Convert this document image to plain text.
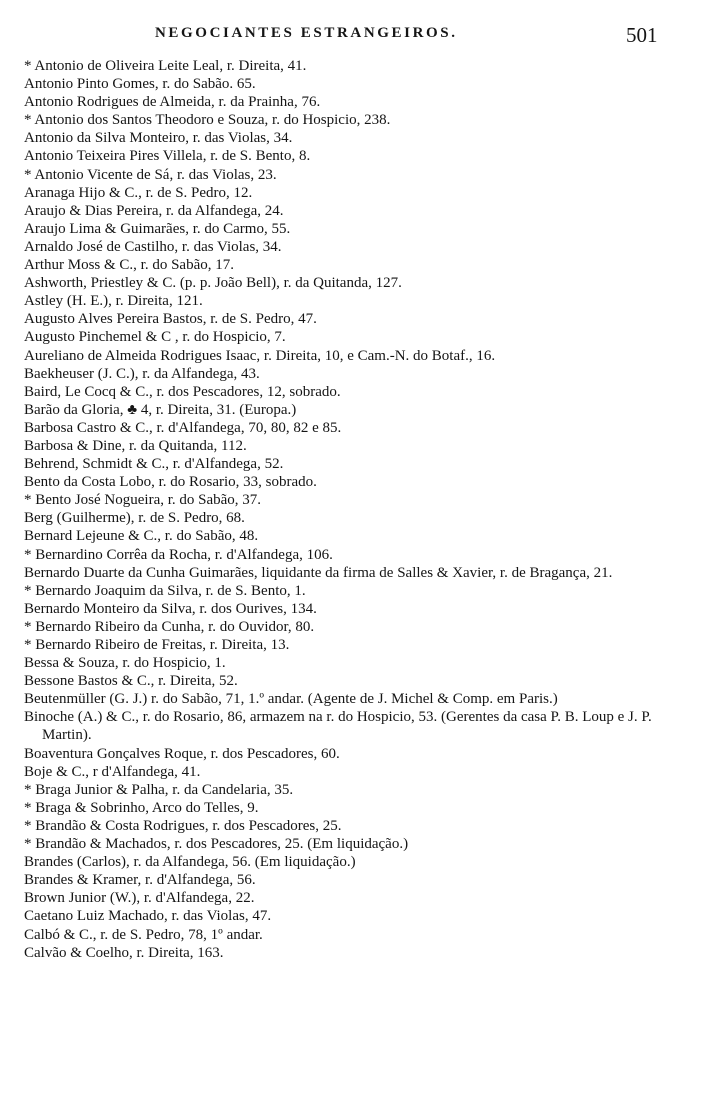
NEGOCIANTES ESTRANGEIROS.	501
* Antonio de Oliveira Leite Leal, r. Direita, 41.
Antonio Pinto Gomes, r. do Sabão. 65.
Antonio Rodrigues de Almeida, r. da Prainha, 76.
* Antonio dos Santos Theodoro e Souza, r. do Hospicio, 238.
Antonio da Silva Monteiro, r. das Violas, 34.
Antonio Teixeira Pires Villela, r. de S. Bento, 8.
* Antonio Vicente de Sá, r. das Violas, 23.
Aranaga Hijo & C., r. de S. Pedro, 12.
Araujo & Dias Pereira, r. da Alfandega, 24.
Araujo Lima & Guimarães, r. do Carmo, 55.
Arnaldo José de Castilho, r. das Violas, 34.
Arthur Moss & C., r. do Sabão, 17.
Ashworth, Priestley & C. (p. p. João Bell), r. da Quitanda, 127.
Astley (H. E.), r. Direita, 121.
Augusto Alves Pereira Bastos, r. de S. Pedro, 47.
Augusto Pinchemel & C , r. do Hospicio, 7.
Aureliano de Almeida Rodrigues Isaac, r. Direita, 10, e Cam.-N. do Botaf., 16.
Baekheuser (J. C.), r. da Alfandega, 43.
Baird, Le Cocq & C., r. dos Pescadores, 12, sobrado.
Barão da Gloria, ♣ 4, r. Direita, 31. (Europa.)
Barbosa Castro & C., r. d'Alfandega, 70, 80, 82 e 85.
Barbosa & Dine, r. da Quitanda, 112.
Behrend, Schmidt & C., r. d'Alfandega, 52.
Bento da Costa Lobo, r. do Rosario, 33, sobrado.
* Bento José Nogueira, r. do Sabão, 37.
Berg (Guilherme), r. de S. Pedro, 68.
Bernard Lejeune & C., r. do Sabão, 48.
* Bernardino Corrêa da Rocha, r. d'Alfandega, 106.
Bernardo Duarte da Cunha Guimarães, liquidante da firma de Salles & Xavier, r. de Bragança, 21.
* Bernardo Joaquim da Silva, r. de S. Bento, 1.
Bernardo Monteiro da Silva, r. dos Ourives, 134.
* Bernardo Ribeiro da Cunha, r. do Ouvidor, 80.
* Bernardo Ribeiro de Freitas, r. Direita, 13.
Bessa & Souza, r. do Hospicio, 1.
Bessone Bastos & C., r. Direita, 52.
Beutenmüller (G. J.) r. do Sabão, 71, 1.º andar. (Agente de J. Michel & Comp. em Paris.)
Binoche (A.) & C., r. do Rosario, 86, armazem na r. do Hospicio, 53. (Gerentes da casa P. B. Loup e J. P. Martin).
Boaventura Gonçalves Roque, r. dos Pescadores, 60.
Boje & C., r d'Alfandega, 41.
* Braga Junior & Palha, r. da Candelaria, 35.
* Braga & Sobrinho, Arco do Telles, 9.
* Brandão & Costa Rodrigues, r. dos Pescadores, 25.
* Brandão & Machados, r. dos Pescadores, 25. (Em liquidação.)
Brandes (Carlos), r. da Alfandega, 56. (Em liquidação.)
Brandes & Kramer, r. d'Alfandega, 56.
Brown Junior (W.), r. d'Alfandega, 22.
Caetano Luiz Machado, r. das Violas, 47.
Calbó & C., r. de S. Pedro, 78, 1º andar.
Calvão & Coelho, r. Direita, 163.
